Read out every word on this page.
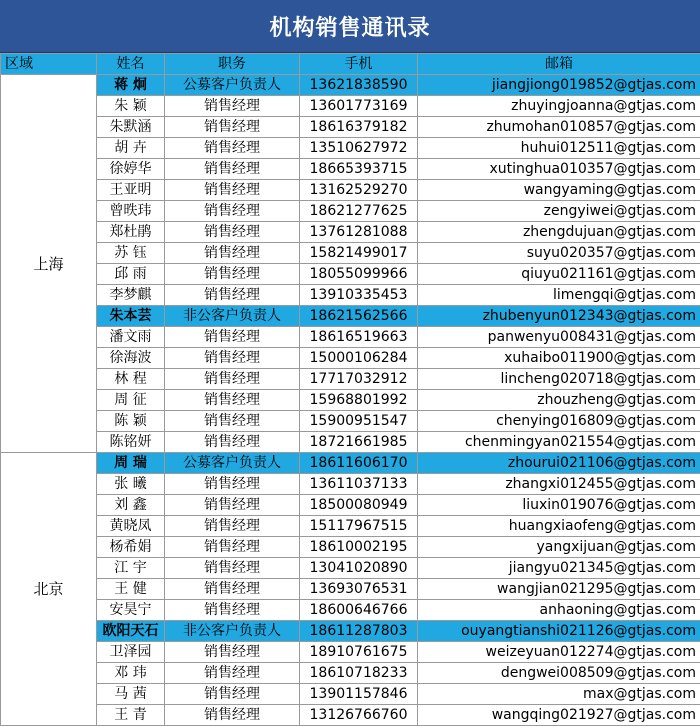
机构销售通讯录
区域	姓名	职务	手机	邮箱
上海	蒋 炯	公募客户负责人	13621838590	jiangjiong019852@gtjas.com
	朱 颖	销售经理	13601773169	zhuyingjoanna@gtjas.com
	朱默涵	销售经理	18616379182	zhumohan010857@gtjas.com
	胡 卉	销售经理	13510627972	huhui012511@gtjas.com
	徐婷华	销售经理	18665393715	xutinghua010357@gtjas.com
	王亚明	销售经理	13162529270	wangyaming@gtjas.com
	曾昳玮	销售经理	18621277625	zengyiwei@gtjas.com
	郑杜鹃	销售经理	13761281088	zhengdujuan@gtjas.com
	苏 钰	销售经理	15821499017	suyu020357@gtjas.com
	邱 雨	销售经理	18055099966	qiuyu021161@gtjas.com
	李梦麒	销售经理	13910335453	limengqi@gtjas.com
	朱本芸	非公客户负责人	18621562566	zhubenyun012343@gtjas.com
	潘文雨	销售经理	18616519663	panwenyu008431@gtjas.com
	徐海波	销售经理	15000106284	xuhaibo011900@gtjas.com
	林 程	销售经理	17717032912	lincheng020718@gtjas.com
	周 征	销售经理	15968801992	zhouzheng@gtjas.com
	陈 颖	销售经理	15900951547	chenying016809@gtjas.com
	陈铭妍	销售经理	18721661985	chenmingyan021554@gtjas.com
北京	周 瑞	公募客户负责人	18611606170	zhourui021106@gtjas.com
	张 曦	销售经理	13611037133	zhangxi012455@gtjas.com
	刘 鑫	销售经理	18500080949	liuxin019076@gtjas.com
	黄晓凤	销售经理	15117967515	huangxiaofeng@gtjas.com
	杨希娟	销售经理	18610002195	yangxijuan@gtjas.com
	江 宇	销售经理	13041020890	jiangyu021345@gtjas.com
	王 健	销售经理	13693076531	wangjian021295@gtjas.com
	安昊宁	销售经理	18600646766	anhaoning@gtjas.com
	欧阳天石	非公客户负责人	18611287803	ouyangtianshi021126@gtjas.com
	卫泽园	销售经理	18910761675	weizeyuan012274@gtjas.com
	邓 玮	销售经理	18610718233	dengwei008509@gtjas.com
	马 茜	销售经理	13901157846	max@gtjas.com
	王 青	销售经理	13126766760	wangqing021927@gtjas.com
